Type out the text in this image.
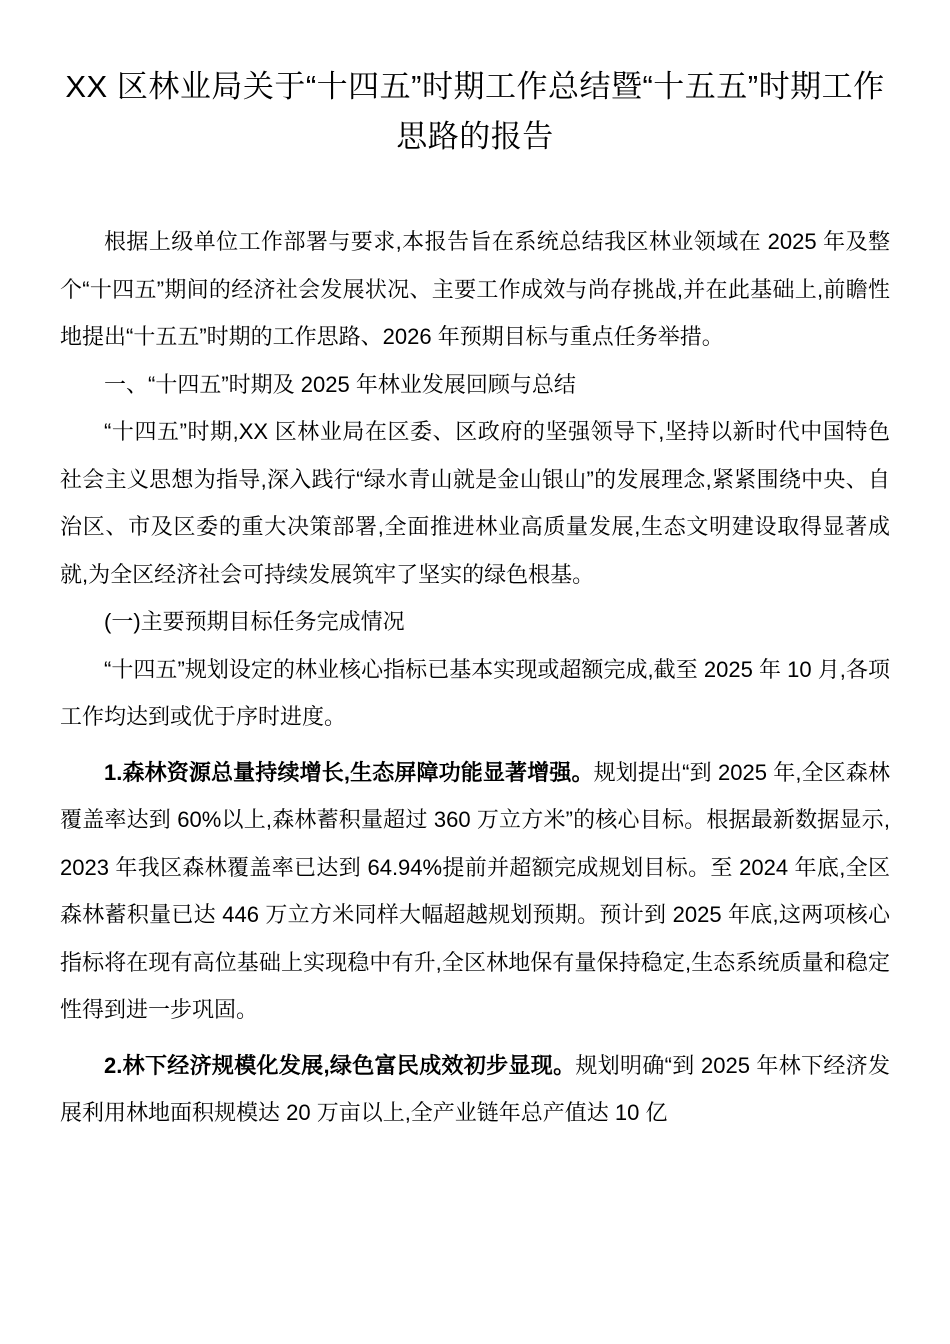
XX 区林业局关于“十四五”时期工作总结暨“十五五”时期工作思路的报告

根据上级单位工作部署与要求,本报告旨在系统总结我区林业领域在 2025 年及整个“十四五”期间的经济社会发展状况、主要工作成效与尚存挑战,并在此基础上,前瞻性地提出“十五五”时期的工作思路、2026 年预期目标与重点任务举措。

一、“十四五”时期及 2025 年林业发展回顾与总结

“十四五”时期,XX 区林业局在区委、区政府的坚强领导下,坚持以新时代中国特色社会主义思想为指导,深入践行“绿水青山就是金山银山”的发展理念,紧紧围绕中央、自治区、市及区委的重大决策部署,全面推进林业高质量发展,生态文明建设取得显著成就,为全区经济社会可持续发展筑牢了坚实的绿色根基。

(一)主要预期目标任务完成情况

“十四五”规划设定的林业核心指标已基本实现或超额完成,截至 2025 年 10 月,各项工作均达到或优于序时进度。

1.森林资源总量持续增长,生态屏障功能显著增强。规划提出“到 2025 年,全区森林覆盖率达到 60%以上,森林蓄积量超过 360 万立方米”的核心目标。根据最新数据显示,2023 年我区森林覆盖率已达到 64.94%提前并超额完成规划目标。至 2024 年底,全区森林蓄积量已达 446 万立方米同样大幅超越规划预期。预计到 2025 年底,这两项核心指标将在现有高位基础上实现稳中有升,全区林地保有量保持稳定,生态系统质量和稳定性得到进一步巩固。

2.林下经济规模化发展,绿色富民成效初步显现。规划明确“到 2025 年林下经济发展利用林地面积规模达 20 万亩以上,全产业链年总产值达 10 亿
